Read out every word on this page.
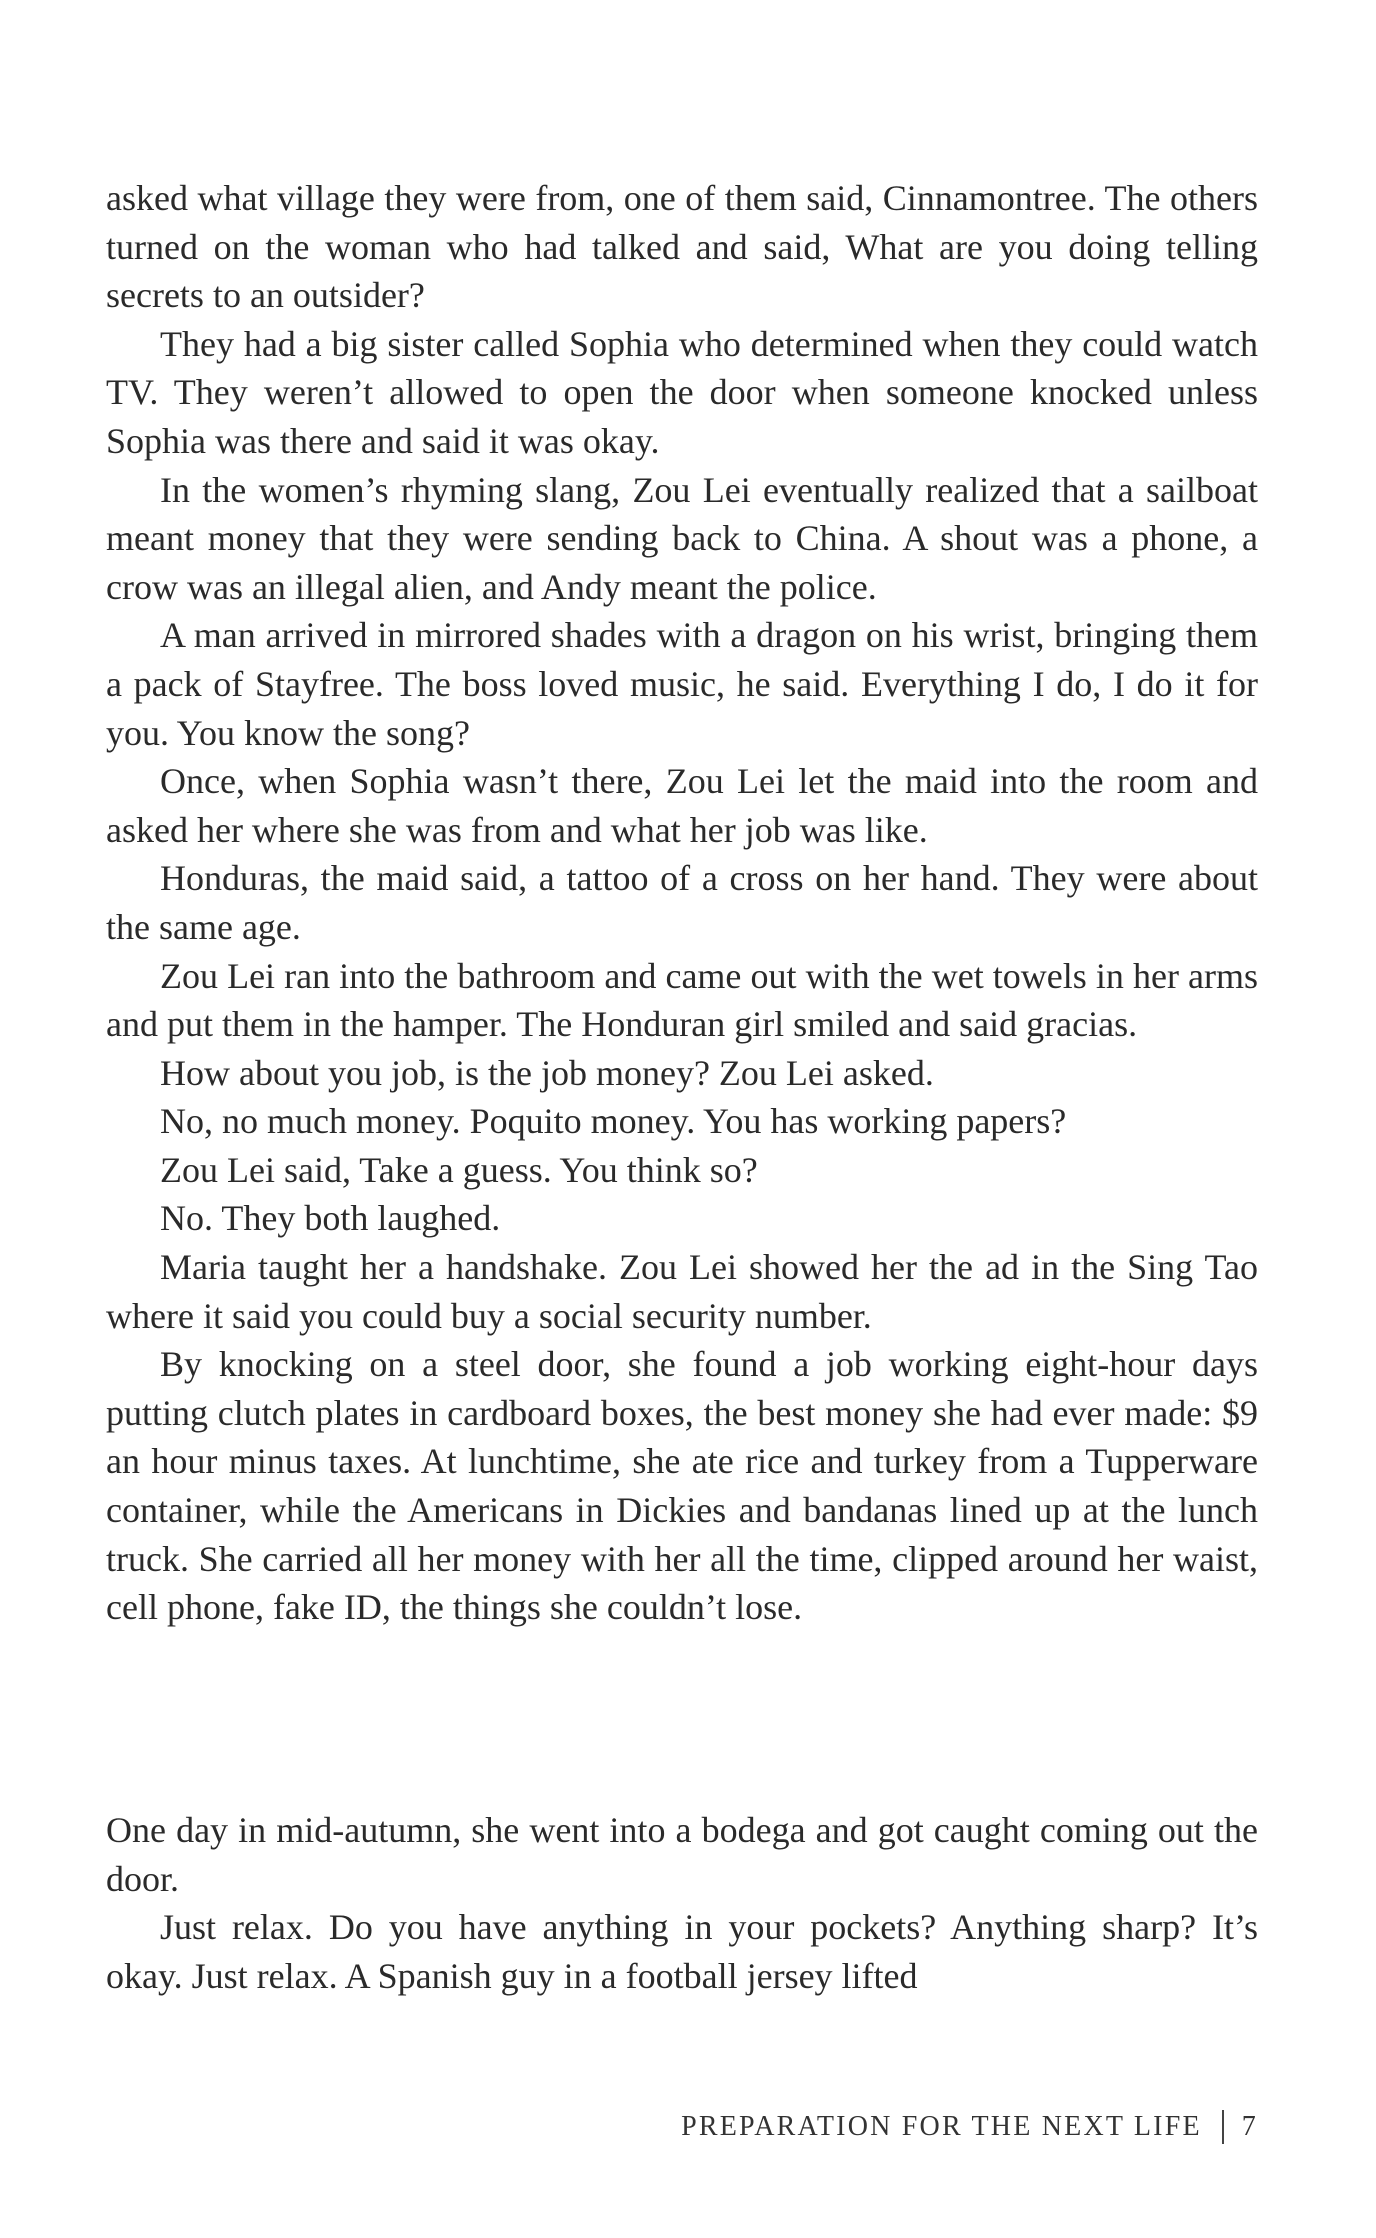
asked what village they were from, one of them said, Cinnamontree. The others turned on the woman who had talked and said, What are you doing telling secrets to an outsider?

They had a big sister called Sophia who determined when they could watch TV. They weren’t allowed to open the door when someone knocked unless Sophia was there and said it was okay.

In the women’s rhyming slang, Zou Lei eventually realized that a sailboat meant money that they were sending back to China. A shout was a phone, a crow was an illegal alien, and Andy meant the police.

A man arrived in mirrored shades with a dragon on his wrist, bringing them a pack of Stayfree. The boss loved music, he said. Everything I do, I do it for you. You know the song?

Once, when Sophia wasn’t there, Zou Lei let the maid into the room and asked her where she was from and what her job was like.

Honduras, the maid said, a tattoo of a cross on her hand. They were about the same age.

Zou Lei ran into the bathroom and came out with the wet towels in her arms and put them in the hamper. The Honduran girl smiled and said gracias.

How about you job, is the job money? Zou Lei asked.

No, no much money. Poquito money. You has working papers?

Zou Lei said, Take a guess. You think so?

No. They both laughed.

Maria taught her a handshake. Zou Lei showed her the ad in the Sing Tao where it said you could buy a social security number.

By knocking on a steel door, she found a job working eight-hour days putting clutch plates in cardboard boxes, the best money she had ever made: $9 an hour minus taxes. At lunchtime, she ate rice and turkey from a Tupperware container, while the Americans in Dickies and bandanas lined up at the lunch truck. She carried all her money with her all the time, clipped around her waist, cell phone, fake ID, the things she couldn’t lose.

One day in mid-autumn, she went into a bodega and got caught coming out the door.

Just relax. Do you have anything in your pockets? Anything sharp? It’s okay. Just relax. A Spanish guy in a football jersey lifted

PREPARATION FOR THE NEXT LIFE 7
